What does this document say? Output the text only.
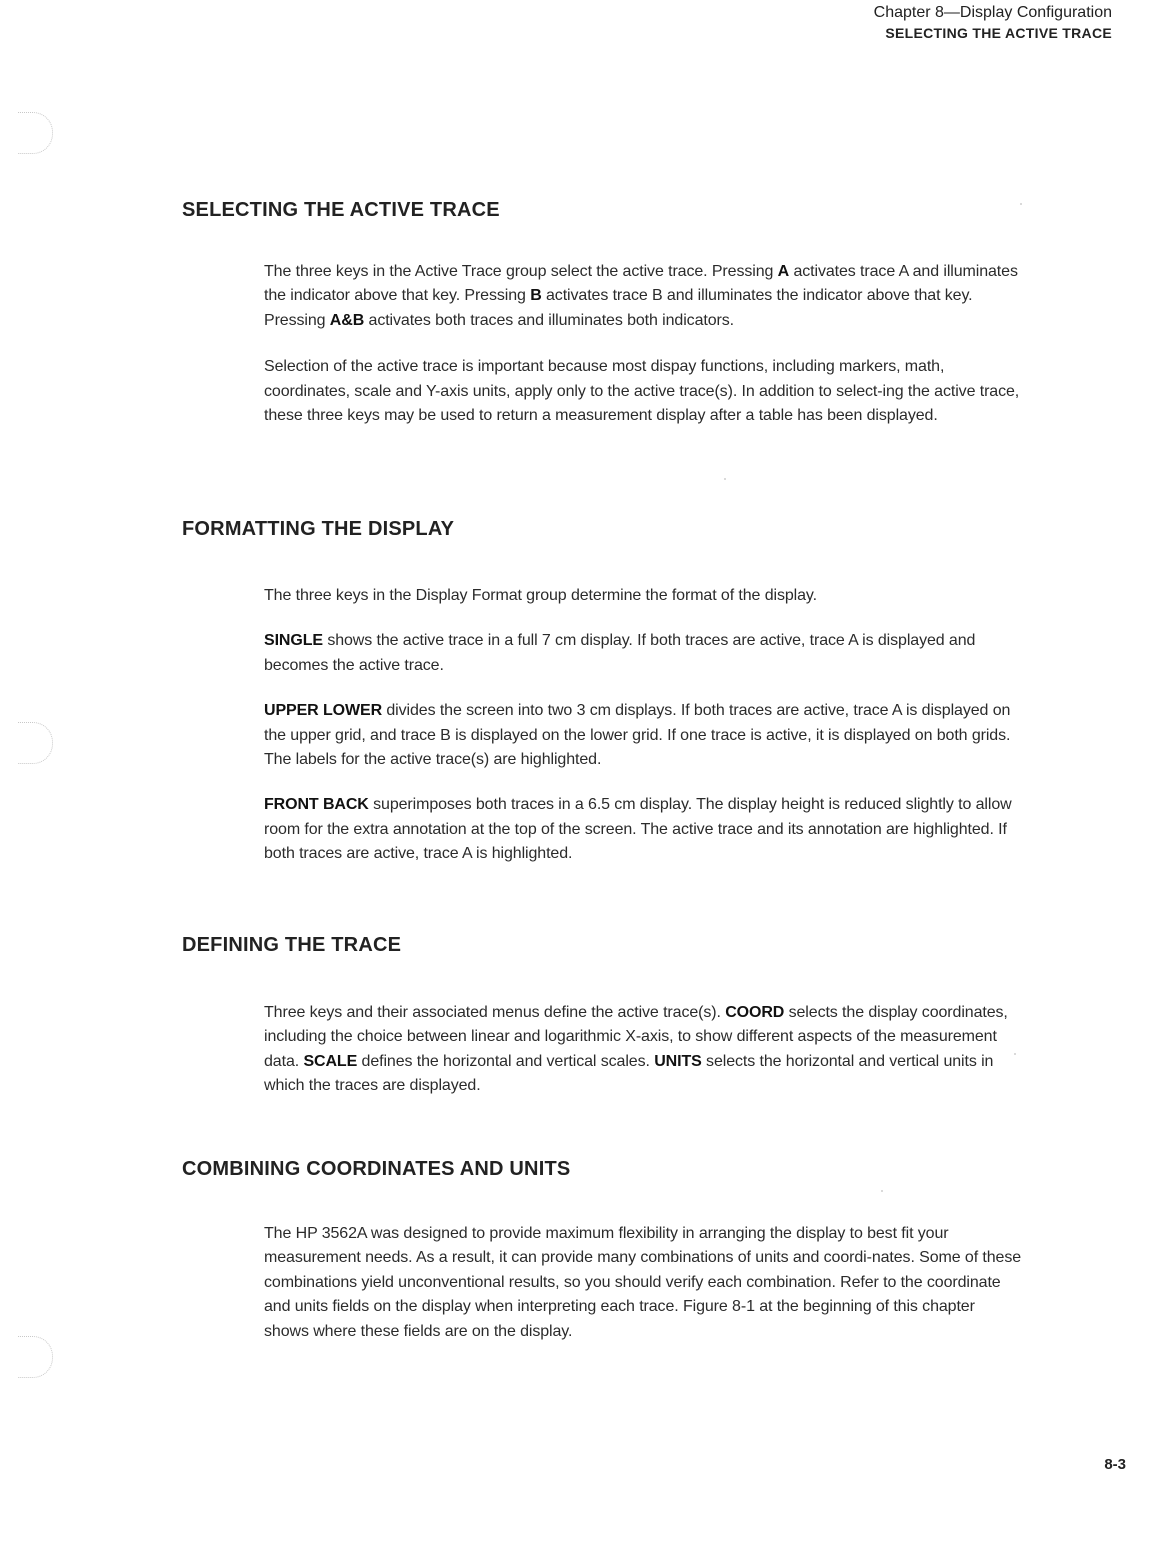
Chapter 8—Display Configuration
SELECTING THE ACTIVE TRACE
SELECTING THE ACTIVE TRACE

The three keys in the Active Trace group select the active trace. Pressing A activates trace A and illuminates the indicator above that key. Pressing B activates trace B and illuminates the indicator above that key. Pressing A&B activates both traces and illuminates both indicators.

Selection of the active trace is important because most dispay functions, including markers, math, coordinates, scale and Y-axis units, apply only to the active trace(s). In addition to select-ing the active trace, these three keys may be used to return a measurement display after a table has been displayed.

FORMATTING THE DISPLAY

The three keys in the Display Format group determine the format of the display.

SINGLE shows the active trace in a full 7 cm display. If both traces are active, trace A is displayed and becomes the active trace.

UPPER LOWER divides the screen into two 3 cm displays. If both traces are active, trace A is displayed on the upper grid, and trace B is displayed on the lower grid. If one trace is active, it is displayed on both grids. The labels for the active trace(s) are highlighted.

FRONT BACK superimposes both traces in a 6.5 cm display. The display height is reduced slightly to allow room for the extra annotation at the top of the screen. The active trace and its annotation are highlighted. If both traces are active, trace A is highlighted.

DEFINING THE TRACE

Three keys and their associated menus define the active trace(s). COORD selects the display coordinates, including the choice between linear and logarithmic X-axis, to show different aspects of the measurement data. SCALE defines the horizontal and vertical scales. UNITS selects the horizontal and vertical units in which the traces are displayed.

COMBINING COORDINATES AND UNITS

The HP 3562A was designed to provide maximum flexibility in arranging the display to best fit your measurement needs. As a result, it can provide many combinations of units and coordi-nates. Some of these combinations yield unconventional results, so you should verify each combination. Refer to the coordinate and units fields on the display when interpreting each trace. Figure 8-1 at the beginning of this chapter shows where these fields are on the display.

8-3
